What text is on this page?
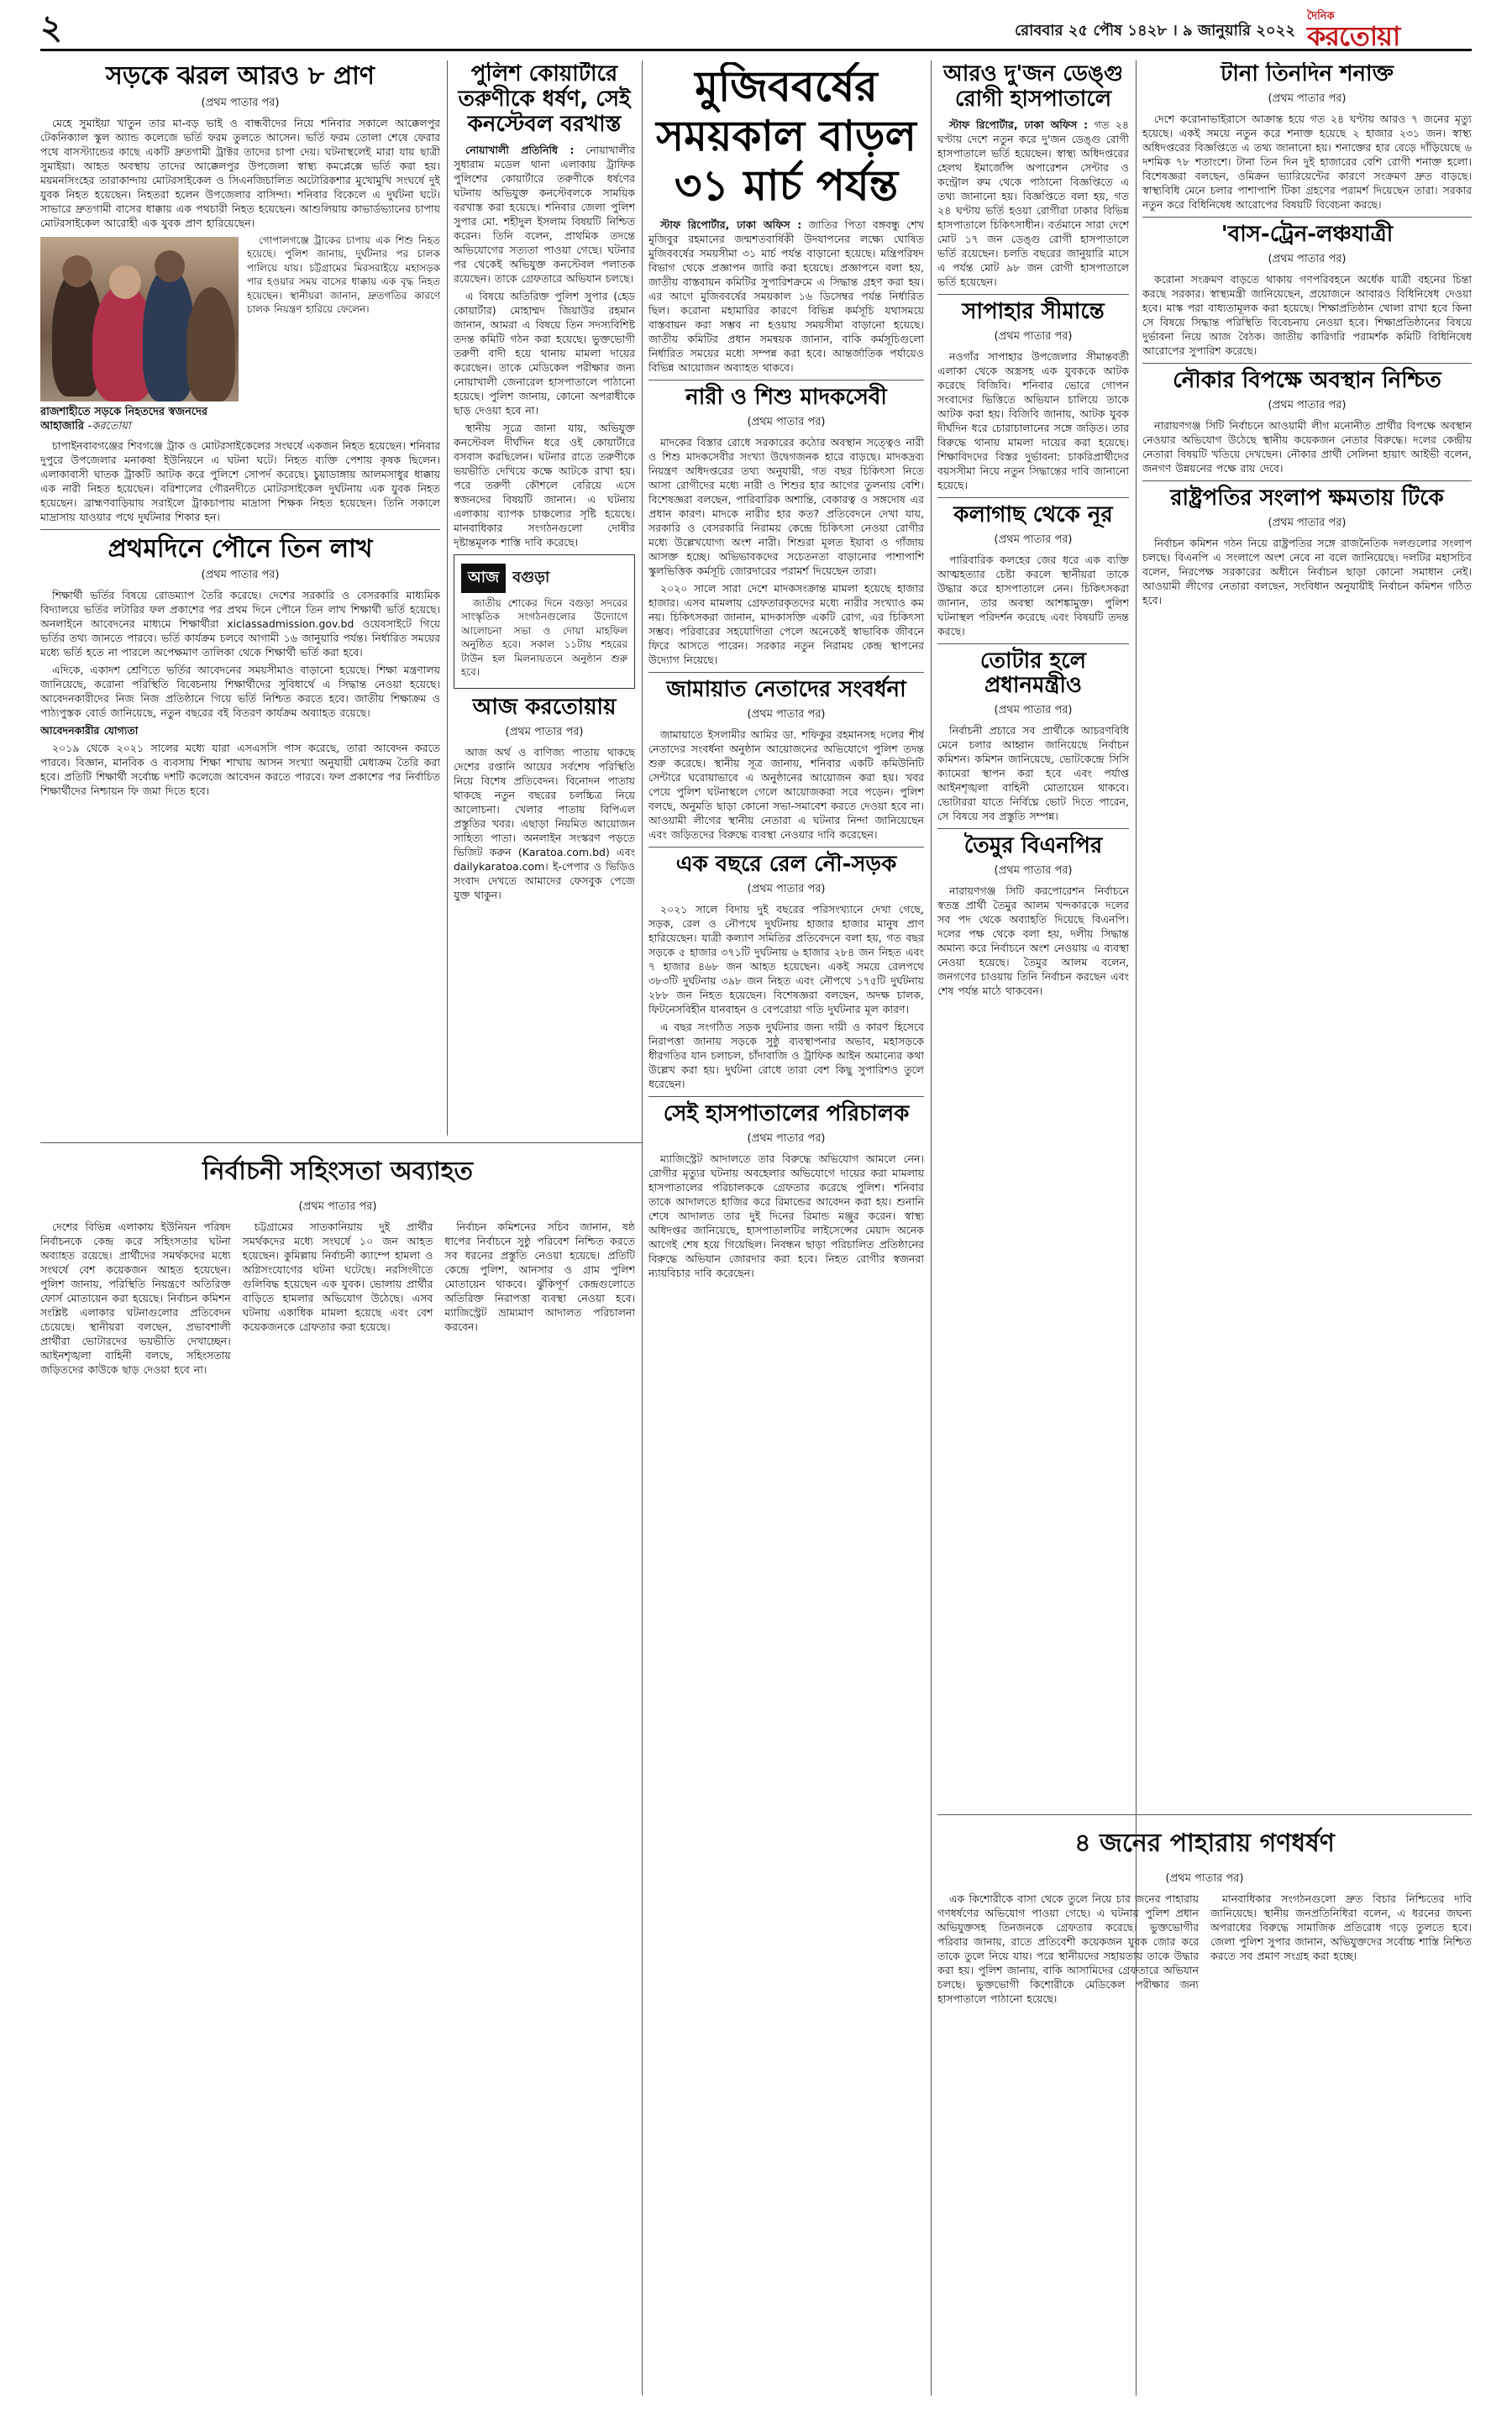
২	রোববার ২৫ পৌষ ১৪২৮ । ৯ জানুয়ারি ২০২২
দৈনিক
করতোয়া
সড়কে ঝরল আরও ৮ প্রাণ
(প্রথম পাতার পর)

মেহে সুমাইয়া খাতুন তার মা-বড় ভাই ও বান্ধবীদের নিয়ে শনিবার সকালে আক্কেলপুর টেকনিক্যাল স্কুল অ্যান্ড কলেজে ভর্তি ফরম তুলতে আসেন। ভর্তি ফরম তোলা শেষে ফেরার পথে বাসস্ট্যান্ডের কাছে একটি দ্রুতগামী ট্রাক্টর তাদের চাপা দেয়। ঘটনাস্থলেই মারা যায় ছাত্রী সুমাইয়া। আহত অবস্থায় তাদের আক্কেলপুর উপজেলা স্বাস্থ্য কমপ্লেক্সে ভর্তি করা হয়। ময়মনসিংহের তারাকান্দায় মোটরসাইকেল ও সিএনজিচালিত অটোরিকশার মুখোমুখি সংঘর্ষে দুই যুবক নিহত হয়েছেন। নিহতরা হলেন উপজেলার বাসিন্দা। শনিবার বিকেলে এ দুর্ঘটনা ঘটে। সাভারে দ্রুতগামী বাসের ধাক্কায় এক পথচারী নিহত হয়েছেন। আশুলিয়ায় কাভার্ডভ্যানের চাপায় মোটরসাইকেল আরোহী এক যুবক প্রাণ হারিয়েছেন।

রাজশাহীতে সড়কে নিহতদের স্বজনদের আহাজারি -করতোয়া

গোপালগঞ্জে ট্রাকের চাপায় এক শিশু নিহত হয়েছে। পুলিশ জানায়, দুর্ঘটনার পর চালক পালিয়ে যায়। চট্টগ্রামের মিরসরাইয়ে মহাসড়ক পার হওয়ার সময় বাসের ধাক্কায় এক বৃদ্ধ নিহত হয়েছেন। স্থানীয়রা জানান, দ্রুতগতির কারণে চালক নিয়ন্ত্রণ হারিয়ে ফেলেন।

চাপাইনবাবগঞ্জের শিবগঞ্জে ট্রাক ও মোটরসাইকেলের সংঘর্ষে একজন নিহত হয়েছেন। শনিবার দুপুরে উপজেলার মনাকষা ইউনিয়নে এ ঘটনা ঘটে। নিহত ব্যক্তি পেশায় কৃষক ছিলেন। এলাকাবাসী ঘাতক ট্রাকটি আটক করে পুলিশে সোপর্দ করেছে। চুয়াডাঙ্গায় আলমসাধুর ধাক্কায় এক নারী নিহত হয়েছেন। বরিশালের গৌরনদীতে মোটরসাইকেল দুর্ঘটনায় এক যুবক নিহত হয়েছেন। ব্রাহ্মণবাড়িয়ায় সরাইলে ট্রাকচাপায় মাদ্রাসা শিক্ষক নিহত হয়েছেন। তিনি সকালে মাদ্রাসায় যাওয়ার পথে দুর্ঘটনার শিকার হন।

প্রথমদিনে পৌনে তিন লাখ
(প্রথম পাতার পর)

শিক্ষার্থী ভর্তির বিষয়ে রোডম্যাপ তৈরি করেছে। দেশের সরকারি ও বেসরকারি মাধ্যমিক বিদ্যালয়ে ভর্তির লটারির ফল প্রকাশের পর প্রথম দিনে পৌনে তিন লাখ শিক্ষার্থী ভর্তি হয়েছে। অনলাইনে আবেদনের মাধ্যমে শিক্ষার্থীরা xiclassadmission.gov.bd ওয়েবসাইটে গিয়ে ভর্তির তথ্য জানতে পারবে। ভর্তি কার্যক্রম চলবে আগামী ১৬ জানুয়ারি পর্যন্ত। নির্ধারিত সময়ের মধ্যে ভর্তি হতে না পারলে অপেক্ষমাণ তালিকা থেকে শিক্ষার্থী ভর্তি করা হবে।

এদিকে, একাদশ শ্রেণিতে ভর্তির আবেদনের সময়সীমাও বাড়ানো হয়েছে। শিক্ষা মন্ত্রণালয় জানিয়েছে, করোনা পরিস্থিতি বিবেচনায় শিক্ষার্থীদের সুবিধার্থে এ সিদ্ধান্ত নেওয়া হয়েছে। আবেদনকারীদের নিজ নিজ প্রতিষ্ঠানে গিয়ে ভর্তি নিশ্চিত করতে হবে। জাতীয় শিক্ষাক্রম ও পাঠ্যপুস্তক বোর্ড জানিয়েছে, নতুন বছরের বই বিতরণ কার্যক্রম অব্যাহত রয়েছে।

আবেদনকারীর যোগ্যতা

২০১৯ থেকে ২০২১ সালের মধ্যে যারা এসএসসি পাস করেছে, তারা আবেদন করতে পারবে। বিজ্ঞান, মানবিক ও ব্যবসায় শিক্ষা শাখায় আসন সংখ্যা অনুযায়ী মেধাক্রম তৈরি করা হবে। প্রতিটি শিক্ষার্থী সর্বোচ্চ দশটি কলেজে আবেদন করতে পারবে। ফল প্রকাশের পর নির্বাচিত শিক্ষার্থীদের নিশ্চায়ন ফি জমা দিতে হবে।

পুলিশ কোয়ার্টারে তরুণীকে ধর্ষণ, সেই কনস্টেবল বরখাস্ত

নোয়াখালী প্রতিনিধি : নোয়াখালীর সুধারাম মডেল থানা এলাকায় ট্রাফিক পুলিশের কোয়ার্টারে তরুণীকে ধর্ষণের ঘটনায় অভিযুক্ত কনস্টেবলকে সাময়িক বরখাস্ত করা হয়েছে। শনিবার জেলা পুলিশ সুপার মো. শহীদুল ইসলাম বিষয়টি নিশ্চিত করেন। তিনি বলেন, প্রাথমিক তদন্তে অভিযোগের সত্যতা পাওয়া গেছে। ঘটনার পর থেকেই অভিযুক্ত কনস্টেবল পলাতক রয়েছেন। তাকে গ্রেফতারে অভিযান চলছে।

এ বিষয়ে অতিরিক্ত পুলিশ সুপার (হেড কোয়ার্টার) মোহাম্মদ জিয়াউর রহমান জানান, আমরা এ বিষয়ে তিন সদস্যবিশিষ্ট তদন্ত কমিটি গঠন করা হয়েছে। ভুক্তভোগী তরুণী বাদী হয়ে থানায় মামলা দায়ের করেছেন। তাকে মেডিকেল পরীক্ষার জন্য নোয়াখালী জেনারেল হাসপাতালে পাঠানো হয়েছে। পুলিশ জানায়, কোনো অপরাধীকে ছাড় দেওয়া হবে না।

স্থানীয় সূত্রে জানা যায়, অভিযুক্ত কনস্টেবল দীর্ঘদিন ধরে ওই কোয়ার্টারে বসবাস করছিলেন। ঘটনার রাতে তরুণীকে ভয়ভীতি দেখিয়ে কক্ষে আটকে রাখা হয়। পরে তরুণী কৌশলে বেরিয়ে এসে স্বজনদের বিষয়টি জানান। এ ঘটনায় এলাকায় ব্যাপক চাঞ্চল্যের সৃষ্টি হয়েছে। মানবাধিকার সংগঠনগুলো দোষীর দৃষ্টান্তমূলক শাস্তি দাবি করেছে।

আজ বগুড়া

জাতীয় শোকের দিনে বগুড়া সদরের সাংস্কৃতিক সংগঠনগুলোর উদ্যোগে আলোচনা সভা ও দোয়া মাহফিল অনুষ্ঠিত হবে। সকাল ১১টায় শহরের টাউন হল মিলনায়তনে অনুষ্ঠান শুরু হবে।

আজ করতোয়ায়
(প্রথম পাতার পর)

আজ অর্থ ও বাণিজ্য পাতায় থাকছে দেশের রপ্তানি আয়ের সর্বশেষ পরিস্থিতি নিয়ে বিশেষ প্রতিবেদন। বিনোদন পাতায় থাকছে নতুন বছরের চলচ্চিত্র নিয়ে আলোচনা। খেলার পাতায় বিপিএল প্রস্তুতির খবর। এছাড়া নিয়মিত আয়োজন সাহিত্য পাতা। অনলাইন সংস্করণ পড়তে ভিজিট করুন (Karatoa.com.bd) এবং dailykaratoa.com। ই-পেপার ও ভিডিও সংবাদ দেখতে আমাদের ফেসবুক পেজে যুক্ত থাকুন।

মুজিববর্ষের সময়কাল বাড়ল ৩১ মার্চ পর্যন্ত

স্টাফ রিপোর্টার, ঢাকা অফিস : জাতির পিতা বঙ্গবন্ধু শেখ মুজিবুর রহমানের জন্মশতবার্ষিকী উদযাপনের লক্ষ্যে ঘোষিত মুজিববর্ষের সময়সীমা ৩১ মার্চ পর্যন্ত বাড়ানো হয়েছে। মন্ত্রিপরিষদ বিভাগ থেকে প্রজ্ঞাপন জারি করা হয়েছে। প্রজ্ঞাপনে বলা হয়, জাতীয় বাস্তবায়ন কমিটির সুপারিশক্রমে এ সিদ্ধান্ত গ্রহণ করা হয়। এর আগে মুজিববর্ষের সময়কাল ১৬ ডিসেম্বর পর্যন্ত নির্ধারিত ছিল। করোনা মহামারির কারণে বিভিন্ন কর্মসূচি যথাসময়ে বাস্তবায়ন করা সম্ভব না হওয়ায় সময়সীমা বাড়ানো হয়েছে। জাতীয় কমিটির প্রধান সমন্বয়ক জানান, বাকি কর্মসূচিগুলো নির্ধারিত সময়ের মধ্যে সম্পন্ন করা হবে। আন্তর্জাতিক পর্যায়েও বিভিন্ন আয়োজন অব্যাহত থাকবে।

নারী ও শিশু মাদকসেবী
(প্রথম পাতার পর)

মাদকের বিস্তার রোধে সরকারের কঠোর অবস্থান সত্ত্বেও নারী ও শিশু মাদকসেবীর সংখ্যা উদ্বেগজনক হারে বাড়ছে। মাদকদ্রব্য নিয়ন্ত্রণ অধিদপ্তরের তথ্য অনুযায়ী, গত বছর চিকিৎসা নিতে আসা রোগীদের মধ্যে নারী ও শিশুর হার আগের তুলনায় বেশি। বিশেষজ্ঞরা বলছেন, পারিবারিক অশান্তি, বেকারত্ব ও সঙ্গদোষ এর প্রধান কারণ। মাদকে নারীর হার কত? প্রতিবেদনে দেখা যায়, সরকারি ও বেসরকারি নিরাময় কেন্দ্রে চিকিৎসা নেওয়া রোগীর মধ্যে উল্লেখযোগ্য অংশ নারী। শিশুরা মূলত ইয়াবা ও গাঁজায় আসক্ত হচ্ছে। অভিভাবকদের সচেতনতা বাড়ানোর পাশাপাশি স্কুলভিত্তিক কর্মসূচি জোরদারের পরামর্শ দিয়েছেন তারা।

২০২০ সালে সারা দেশে মাদকসংক্রান্ত মামলা হয়েছে হাজার হাজার। এসব মামলায় গ্রেফতারকৃতদের মধ্যে নারীর সংখ্যাও কম নয়। চিকিৎসকরা জানান, মাদকাসক্তি একটি রোগ, এর চিকিৎসা সম্ভব। পরিবারের সহযোগিতা পেলে অনেকেই স্বাভাবিক জীবনে ফিরে আসতে পারেন। সরকার নতুন নিরাময় কেন্দ্র স্থাপনের উদ্যোগ নিয়েছে।

জামায়াত নেতাদের সংবর্ধনা
(প্রথম পাতার পর)

জামায়াতে ইসলামীর আমির ডা. শফিকুর রহমানসহ দলের শীর্ষ নেতাদের সংবর্ধনা অনুষ্ঠান আয়োজনের অভিযোগে পুলিশ তদন্ত শুরু করেছে। স্থানীয় সূত্র জানায়, শনিবার একটি কমিউনিটি সেন্টারে ঘরোয়াভাবে এ অনুষ্ঠানের আয়োজন করা হয়। খবর পেয়ে পুলিশ ঘটনাস্থলে গেলে আয়োজকরা সরে পড়েন। পুলিশ বলছে, অনুমতি ছাড়া কোনো সভা-সমাবেশ করতে দেওয়া হবে না। আওয়ামী লীগের স্থানীয় নেতারা এ ঘটনার নিন্দা জানিয়েছেন এবং জড়িতদের বিরুদ্ধে ব্যবস্থা নেওয়ার দাবি করেছেন।

এক বছরে রেল নৌ-সড়ক
(প্রথম পাতার পর)

২০২১ সালে বিদায় দুই বছরের পরিসংখ্যানে দেখা গেছে, সড়ক, রেল ও নৌপথে দুর্ঘটনায় হাজার হাজার মানুষ প্রাণ হারিয়েছেন। যাত্রী কল্যাণ সমিতির প্রতিবেদনে বলা হয়, গত বছর সড়কে ৫ হাজার ৩৭১টি দুর্ঘটনায় ৬ হাজার ২৮৪ জন নিহত এবং ৭ হাজার ৪৬৮ জন আহত হয়েছেন। একই সময়ে রেলপথে ৩৮৩টি দুর্ঘটনায় ৩৯৮ জন নিহত এবং নৌপথে ১৭৫টি দুর্ঘটনায় ২৮৮ জন নিহত হয়েছেন। বিশেষজ্ঞরা বলছেন, অদক্ষ চালক, ফিটনেসবিহীন যানবাহন ও বেপরোয়া গতি দুর্ঘটনার মূল কারণ।

এ বছর সংগঠিত সড়ক দুর্ঘটনার জন্য দায়ী ও কারণ হিসেবে নিরাপত্তা জানায় সড়কে সুষ্ঠু ব্যবস্থাপনার অভাব, মহাসড়কে ধীরগতির যান চলাচল, চাঁদাবাজি ও ট্রাফিক আইন অমান্যের কথা উল্লেখ করা হয়। দুর্ঘটনা রোধে তারা বেশ কিছু সুপারিশও তুলে ধরেছেন।

সেই হাসপাতালের পরিচালক
(প্রথম পাতার পর)

ম্যাজিস্ট্রেট আদালতে তার বিরুদ্ধে অভিযোগ আমলে নেন। রোগীর মৃত্যুর ঘটনায় অবহেলার অভিযোগে দায়ের করা মামলায় হাসপাতালের পরিচালককে গ্রেফতার করেছে পুলিশ। শনিবার তাকে আদালতে হাজির করে রিমান্ডের আবেদন করা হয়। শুনানি শেষে আদালত তার দুই দিনের রিমান্ড মঞ্জুর করেন। স্বাস্থ্য অধিদপ্তর জানিয়েছে, হাসপাতালটির লাইসেন্সের মেয়াদ অনেক আগেই শেষ হয়ে গিয়েছিল। নিবন্ধন ছাড়া পরিচালিত প্রতিষ্ঠানের বিরুদ্ধে অভিযান জোরদার করা হবে। নিহত রোগীর স্বজনরা ন্যায়বিচার দাবি করেছেন।

আরও দু'জন ডেঙ্গু রোগী হাসপাতালে

স্টাফ রিপোর্টার, ঢাকা অফিস : গত ২৪ ঘণ্টায় দেশে নতুন করে দু'জন ডেঙ্গু রোগী হাসপাতালে ভর্তি হয়েছেন। স্বাস্থ্য অধিদপ্তরের হেলথ ইমার্জেন্সি অপারেশন সেন্টার ও কন্ট্রোল রুম থেকে পাঠানো বিজ্ঞপ্তিতে এ তথ্য জানানো হয়। বিজ্ঞপ্তিতে বলা হয়, গত ২৪ ঘণ্টায় ভর্তি হওয়া রোগীরা ঢাকার বিভিন্ন হাসপাতালে চিকিৎসাধীন। বর্তমানে সারা দেশে মোট ১৭ জন ডেঙ্গু রোগী হাসপাতালে ভর্তি রয়েছেন। চলতি বছরের জানুয়ারি মাসে এ পর্যন্ত মোট ৯৮ জন রোগী হাসপাতালে ভর্তি হয়েছেন।

সাপাহার সীমান্তে
(প্রথম পাতার পর)

নওগাঁর সাপাহার উপজেলার সীমান্তবর্তী এলাকা থেকে অস্ত্রসহ এক যুবককে আটক করেছে বিজিবি। শনিবার ভোরে গোপন সংবাদের ভিত্তিতে অভিযান চালিয়ে তাকে আটক করা হয়। বিজিবি জানায়, আটক যুবক দীর্ঘদিন ধরে চোরাচালানের সঙ্গে জড়িত। তার বিরুদ্ধে থানায় মামলা দায়ের করা হয়েছে। শিক্ষাবিদদের বিস্তর দুর্ভাবনা: চাকরিপ্রার্থীদের বয়সসীমা নিয়ে নতুন সিদ্ধান্তের দাবি জানানো হয়েছে।

কলাগাছ থেকে নূর
(প্রথম পাতার পর)

পারিবারিক কলহের জের ধরে এক ব্যক্তি আত্মহত্যার চেষ্টা করলে স্থানীয়রা তাকে উদ্ধার করে হাসপাতালে নেন। চিকিৎসকরা জানান, তার অবস্থা আশঙ্কামুক্ত। পুলিশ ঘটনাস্থল পরিদর্শন করেছে এবং বিষয়টি তদন্ত করছে।

তোটার হলে প্রধানমন্ত্রীও
(প্রথম পাতার পর)

নির্বাচনী প্রচারে সব প্রার্থীকে আচরণবিধি মেনে চলার আহ্বান জানিয়েছে নির্বাচন কমিশন। কমিশন জানিয়েছে, ভোটকেন্দ্রে সিসি ক্যামেরা স্থাপন করা হবে এবং পর্যাপ্ত আইনশৃঙ্খলা বাহিনী মোতায়েন থাকবে। ভোটাররা যাতে নির্বিঘ্নে ভোট দিতে পারেন, সে বিষয়ে সব প্রস্তুতি সম্পন্ন।

তৈমুর বিএনপির
(প্রথম পাতার পর)

নারায়ণগঞ্জ সিটি করপোরেশন নির্বাচনে স্বতন্ত্র প্রার্থী তৈমুর আলম খন্দকারকে দলের সব পদ থেকে অব্যাহতি দিয়েছে বিএনপি। দলের পক্ষ থেকে বলা হয়, দলীয় সিদ্ধান্ত অমান্য করে নির্বাচনে অংশ নেওয়ায় এ ব্যবস্থা নেওয়া হয়েছে। তৈমুর আলম বলেন, জনগণের চাওয়ায় তিনি নির্বাচন করছেন এবং শেষ পর্যন্ত মাঠে থাকবেন।

টানা তিনদিন শনাক্ত
(প্রথম পাতার পর)

দেশে করোনাভাইরাসে আক্রান্ত হয়ে গত ২৪ ঘণ্টায় আরও ৭ জনের মৃত্যু হয়েছে। একই সময়ে নতুন করে শনাক্ত হয়েছে ২ হাজার ২৩১ জন। স্বাস্থ্য অধিদপ্তরের বিজ্ঞপ্তিতে এ তথ্য জানানো হয়। শনাক্তের হার বেড়ে দাঁড়িয়েছে ৬ দশমিক ৭৮ শতাংশে। টানা তিন দিন দুই হাজারের বেশি রোগী শনাক্ত হলো। বিশেষজ্ঞরা বলছেন, ওমিক্রন ভ্যারিয়েন্টের কারণে সংক্রমণ দ্রুত বাড়ছে। স্বাস্থ্যবিধি মেনে চলার পাশাপাশি টিকা গ্রহণের পরামর্শ দিয়েছেন তারা। সরকার নতুন করে বিধিনিষেধ আরোপের বিষয়টি বিবেচনা করছে।

'বাস-ট্রেন-লঞ্চযাত্রী
(প্রথম পাতার পর)

করোনা সংক্রমণ বাড়তে থাকায় গণপরিবহনে অর্ধেক যাত্রী বহনের চিন্তা করছে সরকার। স্বাস্থ্যমন্ত্রী জানিয়েছেন, প্রয়োজনে আবারও বিধিনিষেধ দেওয়া হবে। মাস্ক পরা বাধ্যতামূলক করা হয়েছে। শিক্ষাপ্রতিষ্ঠান খোলা রাখা হবে কিনা সে বিষয়ে সিদ্ধান্ত পরিস্থিতি বিবেচনায় নেওয়া হবে। শিক্ষাপ্রতিষ্ঠানের বিষয়ে দুর্ভাবনা নিয়ে আজ বৈঠক। জাতীয় কারিগরি পরামর্শক কমিটি বিধিনিষেধ আরোপের সুপারিশ করেছে।

নৌকার বিপক্ষে অবস্থান নিশ্চিত
(প্রথম পাতার পর)

নারায়ণগঞ্জ সিটি নির্বাচনে আওয়ামী লীগ মনোনীত প্রার্থীর বিপক্ষে অবস্থান নেওয়ার অভিযোগ উঠেছে স্থানীয় কয়েকজন নেতার বিরুদ্ধে। দলের কেন্দ্রীয় নেতারা বিষয়টি খতিয়ে দেখছেন। নৌকার প্রার্থী সেলিনা হায়াৎ আইভী বলেন, জনগণ উন্নয়নের পক্ষে রায় দেবে।

রাষ্ট্রপতির সংলাপ ক্ষমতায় টিকে
(প্রথম পাতার পর)

নির্বাচন কমিশন গঠন নিয়ে রাষ্ট্রপতির সঙ্গে রাজনৈতিক দলগুলোর সংলাপ চলছে। বিএনপি এ সংলাপে অংশ নেবে না বলে জানিয়েছে। দলটির মহাসচিব বলেন, নিরপেক্ষ সরকারের অধীনে নির্বাচন ছাড়া কোনো সমাধান নেই। আওয়ামী লীগের নেতারা বলছেন, সংবিধান অনুযায়ীই নির্বাচন কমিশন গঠিত হবে।

নির্বাচনী সহিংসতা অব্যাহত
(প্রথম পাতার পর)

দেশের বিভিন্ন এলাকায় ইউনিয়ন পরিষদ নির্বাচনকে কেন্দ্র করে সহিংসতার ঘটনা অব্যাহত রয়েছে। প্রার্থীদের সমর্থকদের মধ্যে সংঘর্ষে বেশ কয়েকজন আহত হয়েছেন। পুলিশ জানায়, পরিস্থিতি নিয়ন্ত্রণে অতিরিক্ত ফোর্স মোতায়েন করা হয়েছে। নির্বাচন কমিশন সংশ্লিষ্ট এলাকার ঘটনাগুলোর প্রতিবেদন চেয়েছে। স্থানীয়রা বলছেন, প্রভাবশালী প্রার্থীরা ভোটারদের ভয়ভীতি দেখাচ্ছেন। আইনশৃঙ্খলা বাহিনী বলছে, সহিংসতায় জড়িতদের কাউকে ছাড় দেওয়া হবে না।

চট্টগ্রামের সাতকানিয়ায় দুই প্রার্থীর সমর্থকদের মধ্যে সংঘর্ষে ১০ জন আহত হয়েছেন। কুমিল্লায় নির্বাচনী ক্যাম্পে হামলা ও অগ্নিসংযোগের ঘটনা ঘটেছে। নরসিংদীতে গুলিবিদ্ধ হয়েছেন এক যুবক। ভোলায় প্রার্থীর বাড়িতে হামলার অভিযোগ উঠেছে। এসব ঘটনায় একাধিক মামলা হয়েছে এবং বেশ কয়েকজনকে গ্রেফতার করা হয়েছে।

নির্বাচন কমিশনের সচিব জানান, ষষ্ঠ ধাপের নির্বাচনে সুষ্ঠু পরিবেশ নিশ্চিত করতে সব ধরনের প্রস্তুতি নেওয়া হয়েছে। প্রতিটি কেন্দ্রে পুলিশ, আনসার ও গ্রাম পুলিশ মোতায়েন থাকবে। ঝুঁকিপূর্ণ কেন্দ্রগুলোতে অতিরিক্ত নিরাপত্তা ব্যবস্থা নেওয়া হবে। ম্যাজিস্ট্রেট ভ্রাম্যমাণ আদালত পরিচালনা করবেন।

৪ জনের পাহারায় গণধর্ষণ
(প্রথম পাতার পর)

এক কিশোরীকে বাসা থেকে তুলে নিয়ে চার জনের পাহারায় গণধর্ষণের অভিযোগ পাওয়া গেছে। এ ঘটনায় পুলিশ প্রধান অভিযুক্তসহ তিনজনকে গ্রেফতার করেছে। ভুক্তভোগীর পরিবার জানায়, রাতে প্রতিবেশী কয়েকজন যুবক জোর করে তাকে তুলে নিয়ে যায়। পরে স্থানীয়দের সহায়তায় তাকে উদ্ধার করা হয়। পুলিশ জানায়, বাকি আসামিদের গ্রেফতারে অভিযান চলছে। ভুক্তভোগী কিশোরীকে মেডিকেল পরীক্ষার জন্য হাসপাতালে পাঠানো হয়েছে।

মানবাধিকার সংগঠনগুলো দ্রুত বিচার নিশ্চিতের দাবি জানিয়েছে। স্থানীয় জনপ্রতিনিধিরা বলেন, এ ধরনের জঘন্য অপরাধের বিরুদ্ধে সামাজিক প্রতিরোধ গড়ে তুলতে হবে। জেলা পুলিশ সুপার জানান, অভিযুক্তদের সর্বোচ্চ শাস্তি নিশ্চিত করতে সব প্রমাণ সংগ্রহ করা হচ্ছে।
